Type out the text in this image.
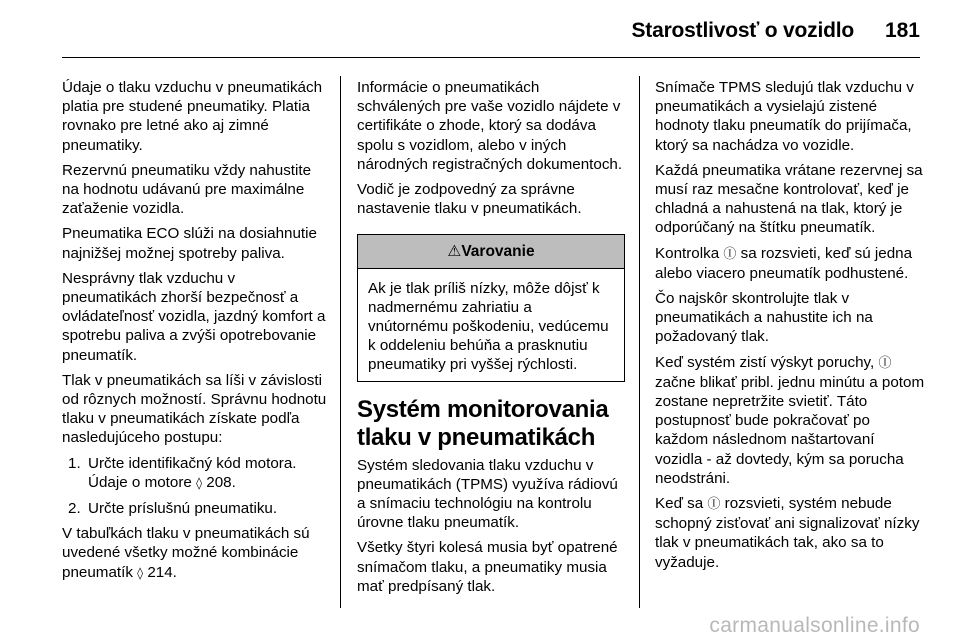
Starostlivosť o vozidlo 181

Údaje o tlaku vzduchu v pneumatikách platia pre studené pneumatiky. Platia rovnako pre letné ako aj zimné pneumatiky.

Rezervnú pneumatiku vždy nahustite na hodnotu udávanú pre maximálne zaťaženie vozidla.

Pneumatika ECO slúži na dosiahnutie najnižšej možnej spotreby paliva.

Nesprávny tlak vzduchu v pneumatikách zhorší bezpečnosť a ovládateľnosť vozidla, jazdný komfort a spotrebu paliva a zvýši opotrebovanie pneumatík.

Tlak v pneumatikách sa líši v závislosti od rôznych možností. Správnu hodnotu tlaku v pneumatikách získate podľa nasledujúceho postupu:

1. Určte identifikačný kód motora. Údaje o motore ◊ 208.
2. Určte príslušnú pneumatiku.

V tabuľkách tlaku v pneumatikách sú uvedené všetky možné kombinácie pneumatík ◊ 214.

Informácie o pneumatikách schválených pre vaše vozidlo nájdete v certifikáte o zhode, ktorý sa dodáva spolu s vozidlom, alebo v iných národných registračných dokumentoch.

Vodič je zodpovedný za správne nastavenie tlaku v pneumatikách.

⚠Varovanie
Ak je tlak príliš nízky, môže dôjsť k nadmernému zahriatiu a vnútornému poškodeniu, vedúcemu k oddeleniu behúňa a prasknutiu pneumatiky pri vyššej rýchlosti.
Systém monitorovania tlaku v pneumatikách

Systém sledovania tlaku vzduchu v pneumatikách (TPMS) využíva rádiovú a snímaciu technológiu na kontrolu úrovne tlaku pneumatík.

Všetky štyri kolesá musia byť opatrené snímačom tlaku, a pneumatiky musia mať predpísaný tlak.

Snímače TPMS sledujú tlak vzduchu v pneumatikách a vysielajú zistené hodnoty tlaku pneumatík do prijímača, ktorý sa nachádza vo vozidle.

Každá pneumatika vrátane rezervnej sa musí raz mesačne kontrolovať, keď je chladná a nahustená na tlak, ktorý je odporúčaný na štítku pneumatík.

Kontrolka Ⓘ sa rozsvieti, keď sú jedna alebo viacero pneumatík podhustené.

Čo najskôr skontrolujte tlak v pneumatikách a nahustite ich na požadovaný tlak.

Keď systém zistí výskyt poruchy, Ⓘ začne blikať pribl. jednu minútu a potom zostane nepretržite svietiť. Táto postupnosť bude pokračovať po každom následnom naštartovaní vozidla - až dovtedy, kým sa porucha neodstráni.

Keď sa Ⓘ rozsvieti, systém nebude schopný zisťovať ani signalizovať nízky tlak v pneumatikách tak, ako sa to vyžaduje.

carmanualsonline.info
